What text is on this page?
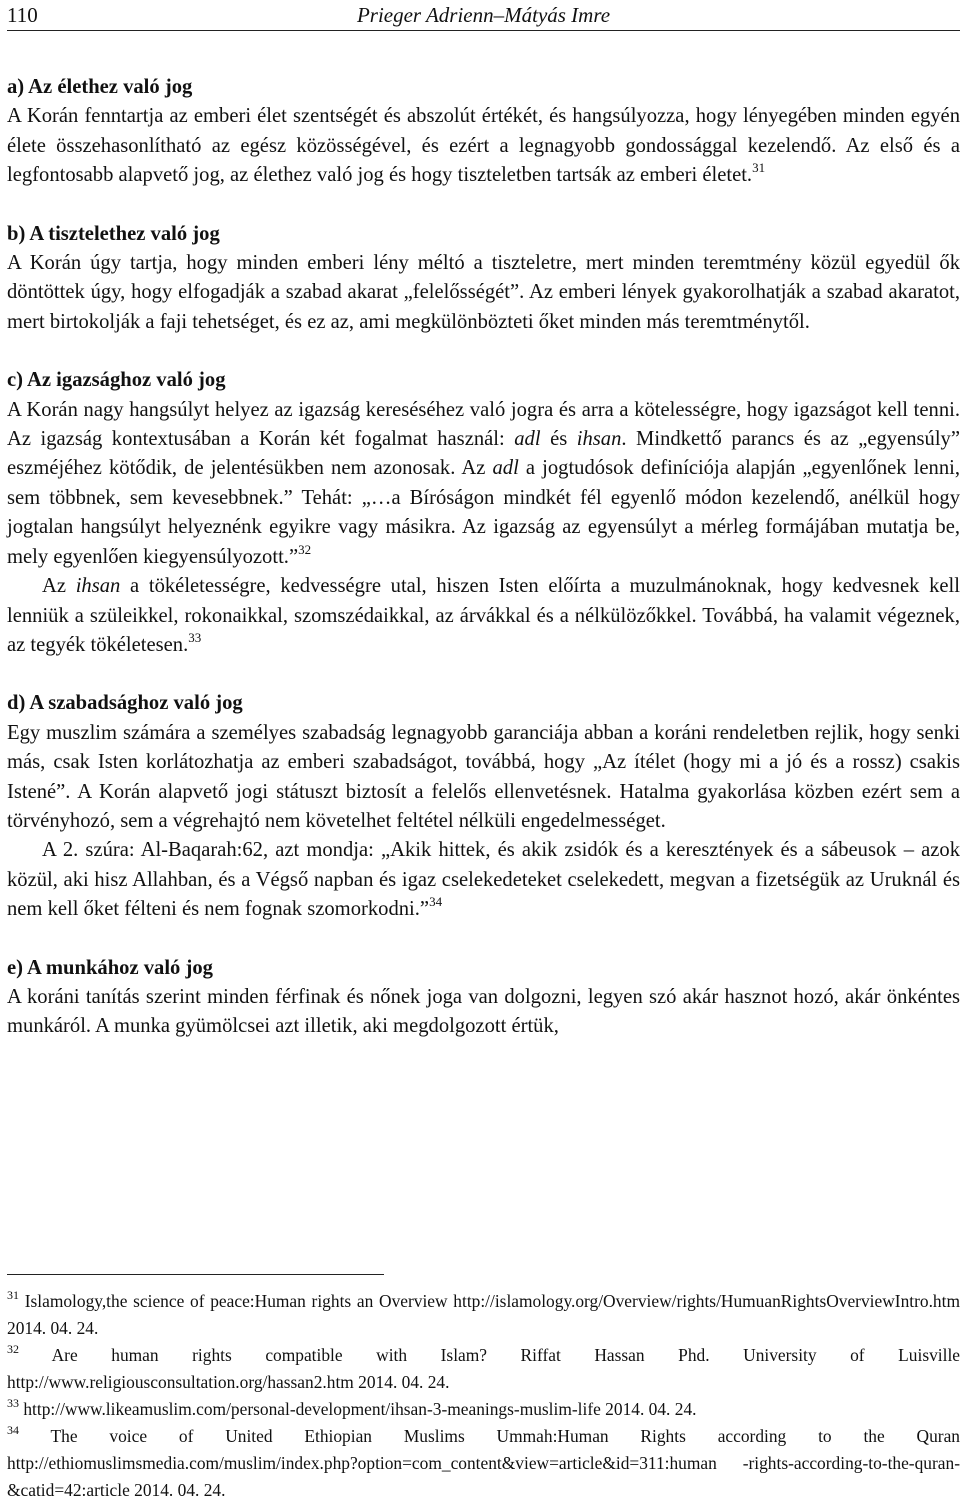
110	Prieger Adrienn–Mátyás Imre
a) Az élethez való jog

A Korán fenntartja az emberi élet szentségét és abszolút értékét, és hangsúlyozza, hogy lényegében minden egyén élete összehasonlítható az egész közösségével, és ezért a legnagyobb gondossággal kezelendő. Az első és a legfontosabb alapvető jog, az élethez való jog és hogy tiszteletben tartsák az emberi életet.$^{31}$

b) A tisztelethez való jog

A Korán úgy tartja, hogy minden emberi lény méltó a tiszteletre, mert minden teremtmény közül egyedül ők döntöttek úgy, hogy elfogadják a szabad akarat „felelősségét”. Az emberi lények gyakorolhatják a szabad akaratot, mert birtokolják a faji tehetséget, és ez az, ami megkülönbözteti őket minden más teremtménytől.

c) Az igazsághoz való jog

A Korán nagy hangsúlyt helyez az igazság kereséséhez való jogra és arra a kötelességre, hogy igazságot kell tenni. Az igazság kontextusában a Korán két fogalmat használ: adl és ihsan. Mindkettő parancs és az „egyensúly” eszméjéhez kötődik, de jelentésükben nem azonosak. Az adl a jogtudósok definíciója alapján „egyenlőnek lenni, sem többnek, sem kevesebbnek.” Tehát: „…a Bíróságon mindkét fél egyenlő módon kezelendő, anélkül hogy jogtalan hangsúlyt helyeznénk egyikre vagy másikra. Az igazság az egyensúlyt a mérleg formájában mutatja be, mely egyenlően kiegyensúlyozott.”$^{32}$

Az ihsan a tökéletességre, kedvességre utal, hiszen Isten előírta a muzulmánoknak, hogy kedvesnek kell lenniük a szüleikkel, rokonaikkal, szomszédaikkal, az árvákkal és a nélkülözőkkel. Továbbá, ha valamit végeznek, az tegyék tökéletesen.$^{33}$

d) A szabadsághoz való jog

Egy muszlim számára a személyes szabadság legnagyobb garanciája abban a koráni rendeletben rejlik, hogy senki más, csak Isten korlátozhatja az emberi szabadságot, továbbá, hogy „Az ítélet (hogy mi a jó és a rossz) csakis Istené”. A Korán alapvető jogi státuszt biztosít a felelős ellenvetésnek. Hatalma gyakorlása közben ezért sem a törvényhozó, sem a végrehajtó nem követelhet feltétel nélküli engedelmességet.

A 2. szúra: Al-Baqarah:62, azt mondja: „Akik hittek, és akik zsidók és a keresztények és a sábeusok – azok közül, aki hisz Allahban, és a Végső napban és igaz cselekedeteket cselekedett, megvan a fizetségük az Uruknál és nem kell őket félteni és nem fognak szomorkodni.”$^{34}$

e) A munkához való jog

A koráni tanítás szerint minden férfinak és nőnek joga van dolgozni, legyen szó akár hasznot hozó, akár önkéntes munkáról. A munka gyümölcsei azt illetik, aki megdolgozott értük,

$^{31}$ Islamology,the science of peace:Human rights an Overview http://islamology.org/Overview/rights/HumuanRightsOverviewIntro.htm 2014. 04. 24.

$^{32}$ Are human rights compatible with Islam? Riffat Hassan Phd. University of Luisville http://www.religiousconsultation.org/hassan2.htm 2014. 04. 24.

$^{33}$ http://www.likeamuslim.com/personal-development/ihsan-3-meanings-muslim-life 2014. 04. 24.

$^{34}$ The voice of United Ethiopian Muslims Ummah:Human Rights according to the Quran http://ethiomuslimsmedia.com/muslim/index.php?option=com_content&view=article&id=311:human -rights-according-to-the-quran-&catid=42:article 2014. 04. 24.
